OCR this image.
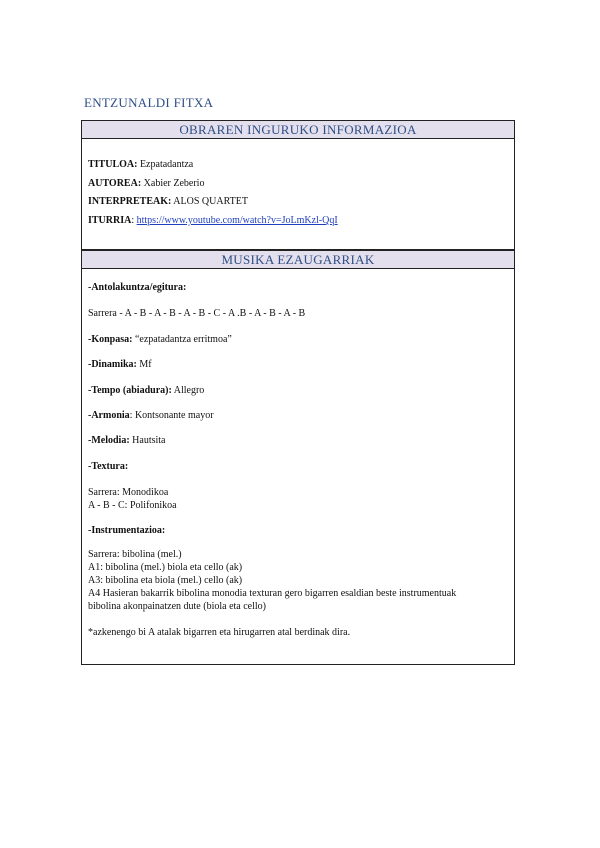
ENTZUNALDI FITXA
OBRAREN INGURUKO INFORMAZIOA
TITULOA: Ezpatadantza
AUTOREA: Xabier Zeberio
INTERPRETEAK: ALOS QUARTET
ITURRIA: https://www.youtube.com/watch?v=JoLmKzl-QqI
MUSIKA EZAUGARRIAK
-Antolakuntza/egitura:
Sarrera - A - B - A - B - A - B - C - A .B - A - B - A - B
-Konpasa: “ezpatadantza erritmoa”
-Dinamika: Mf
-Tempo (abiadura): Allegro
-Armonia: Kontsonante mayor
-Melodia: Hautsita
-Textura:
Sarrera: Monodikoa
A - B - C: Polifonikoa
-Instrumentazioa:
Sarrera: bibolina (mel.)
A1: bibolina (mel.) biola eta cello (ak)
A3: bibolina eta biola (mel.) cello (ak)
A4 Hasieran bakarrik bibolina monodia texturan gero bigarren esaldian beste instrumentuak
bibolina akonpainatzen dute (biola eta cello)
*azkenengo bi A atalak bigarren eta hirugarren atal berdinak dira.
